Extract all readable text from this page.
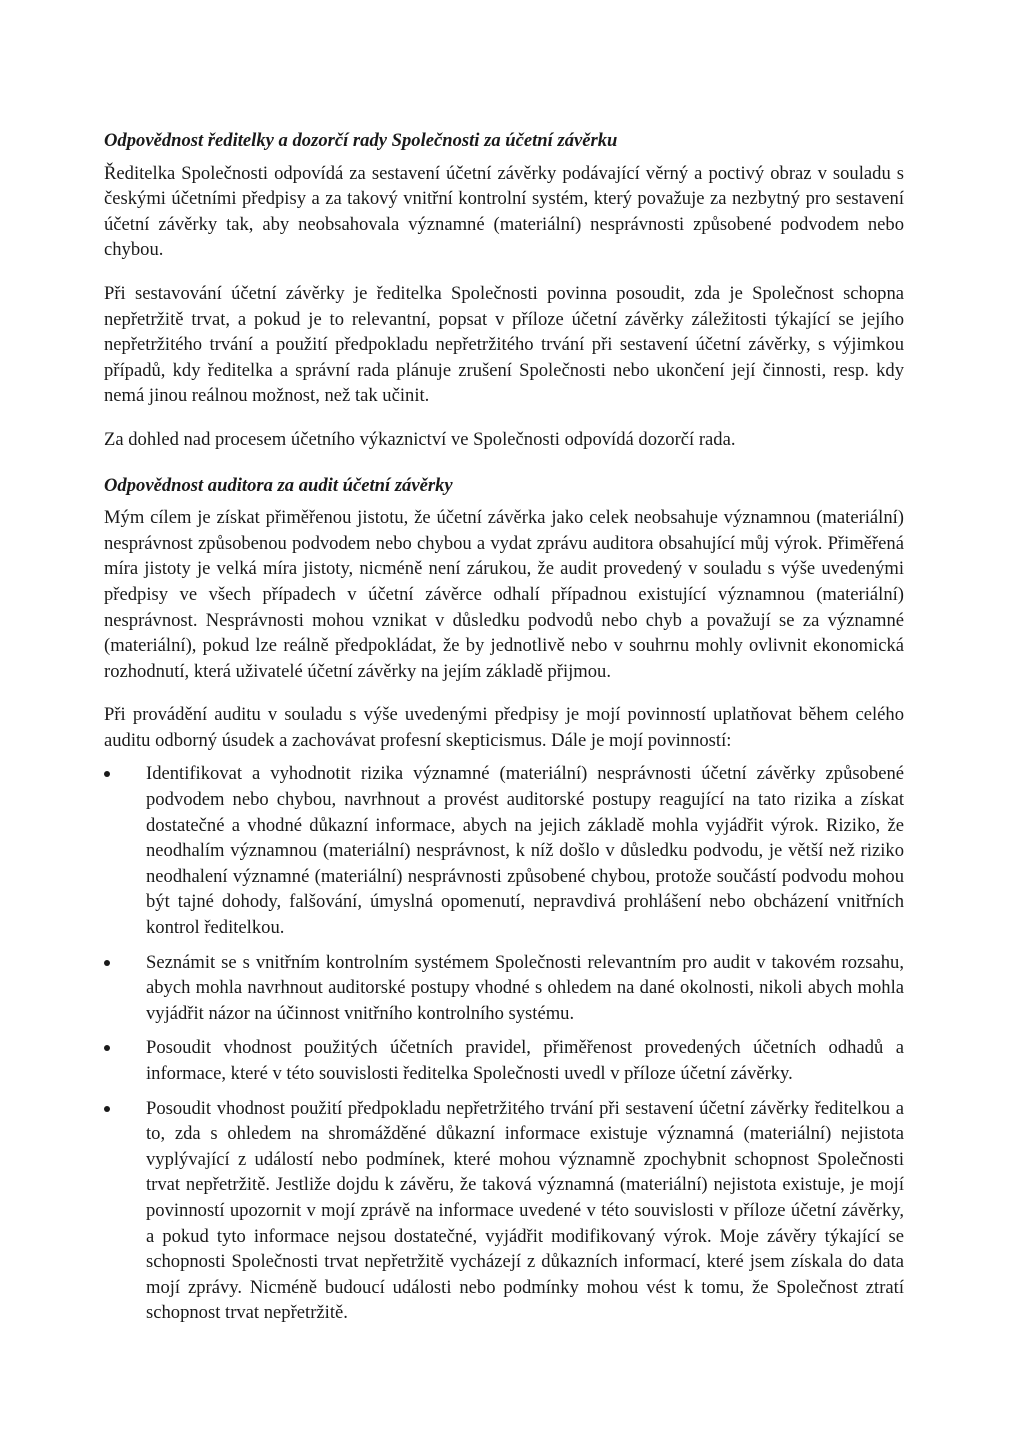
Odpovědnost ředitelky a dozorčí rady Společnosti za účetní závěrku

Ředitelka Společnosti odpovídá za sestavení účetní závěrky podávající věrný a poctivý obraz v souladu s českými účetními předpisy a za takový vnitřní kontrolní systém, který považuje za nezbytný pro sestavení účetní závěrky tak, aby neobsahovala významné (materiální) nesprávnosti způsobené podvodem nebo chybou.

Při sestavování účetní závěrky je ředitelka Společnosti povinna posoudit, zda je Společnost schopna nepřetržitě trvat, a pokud je to relevantní, popsat v příloze účetní závěrky záležitosti týkající se jejího nepřetržitého trvání a použití předpokladu nepřetržitého trvání při sestavení účetní závěrky, s výjimkou případů, kdy ředitelka a správní rada plánuje zrušení Společnosti nebo ukončení její činnosti, resp. kdy nemá jinou reálnou možnost, než tak učinit.

Za dohled nad procesem účetního výkaznictví ve Společnosti odpovídá dozorčí rada.

Odpovědnost auditora za audit účetní závěrky

Mým cílem je získat přiměřenou jistotu, že účetní závěrka jako celek neobsahuje významnou (materiální) nesprávnost způsobenou podvodem nebo chybou a vydat zprávu auditora obsahující můj výrok. Přiměřená míra jistoty je velká míra jistoty, nicméně není zárukou, že audit provedený v souladu s výše uvedenými předpisy ve všech případech v účetní závěrce odhalí případnou existující významnou (materiální) nesprávnost. Nesprávnosti mohou vznikat v důsledku podvodů nebo chyb a považují se za významné (materiální), pokud lze reálně předpokládat, že by jednotlivě nebo v souhrnu mohly ovlivnit ekonomická rozhodnutí, která uživatelé účetní závěrky na jejím základě přijmou.

Při provádění auditu v souladu s výše uvedenými předpisy je mojí povinností uplatňovat během celého auditu odborný úsudek a zachovávat profesní skepticismus. Dále je mojí povinností:

Identifikovat a vyhodnotit rizika významné (materiální) nesprávnosti účetní závěrky způsobené podvodem nebo chybou, navrhnout a provést auditorské postupy reagující na tato rizika a získat dostatečné a vhodné důkazní informace, abych na jejich základě mohla vyjádřit výrok. Riziko, že neodhalím významnou (materiální) nesprávnost, k níž došlo v důsledku podvodu, je větší než riziko neodhalení významné (materiální) nesprávnosti způsobené chybou, protože součástí podvodu mohou být tajné dohody, falšování, úmyslná opomenutí, nepravdivá prohlášení nebo obcházení vnitřních kontrol ředitelkou.
Seznámit se s vnitřním kontrolním systémem Společnosti relevantním pro audit v takovém rozsahu, abych mohla navrhnout auditorské postupy vhodné s ohledem na dané okolnosti, nikoli abych mohla vyjádřit názor na účinnost vnitřního kontrolního systému.
Posoudit vhodnost použitých účetních pravidel, přiměřenost provedených účetních odhadů a informace, které v této souvislosti ředitelka Společnosti uvedl v příloze účetní závěrky.
Posoudit vhodnost použití předpokladu nepřetržitého trvání při sestavení účetní závěrky ředitelkou a to, zda s ohledem na shromážděné důkazní informace existuje významná (materiální) nejistota vyplývající z událostí nebo podmínek, které mohou významně zpochybnit schopnost Společnosti trvat nepřetržitě. Jestliže dojdu k závěru, že taková významná (materiální) nejistota existuje, je mojí povinností upozornit v mojí zprávě na informace uvedené v této souvislosti v příloze účetní závěrky, a pokud tyto informace nejsou dostatečné, vyjádřit modifikovaný výrok. Moje závěry týkající se schopnosti Společnosti trvat nepřetržitě vycházejí z důkazních informací, které jsem získala do data mojí zprávy. Nicméně budoucí události nebo podmínky mohou vést k tomu, že Společnost ztratí schopnost trvat nepřetržitě.
